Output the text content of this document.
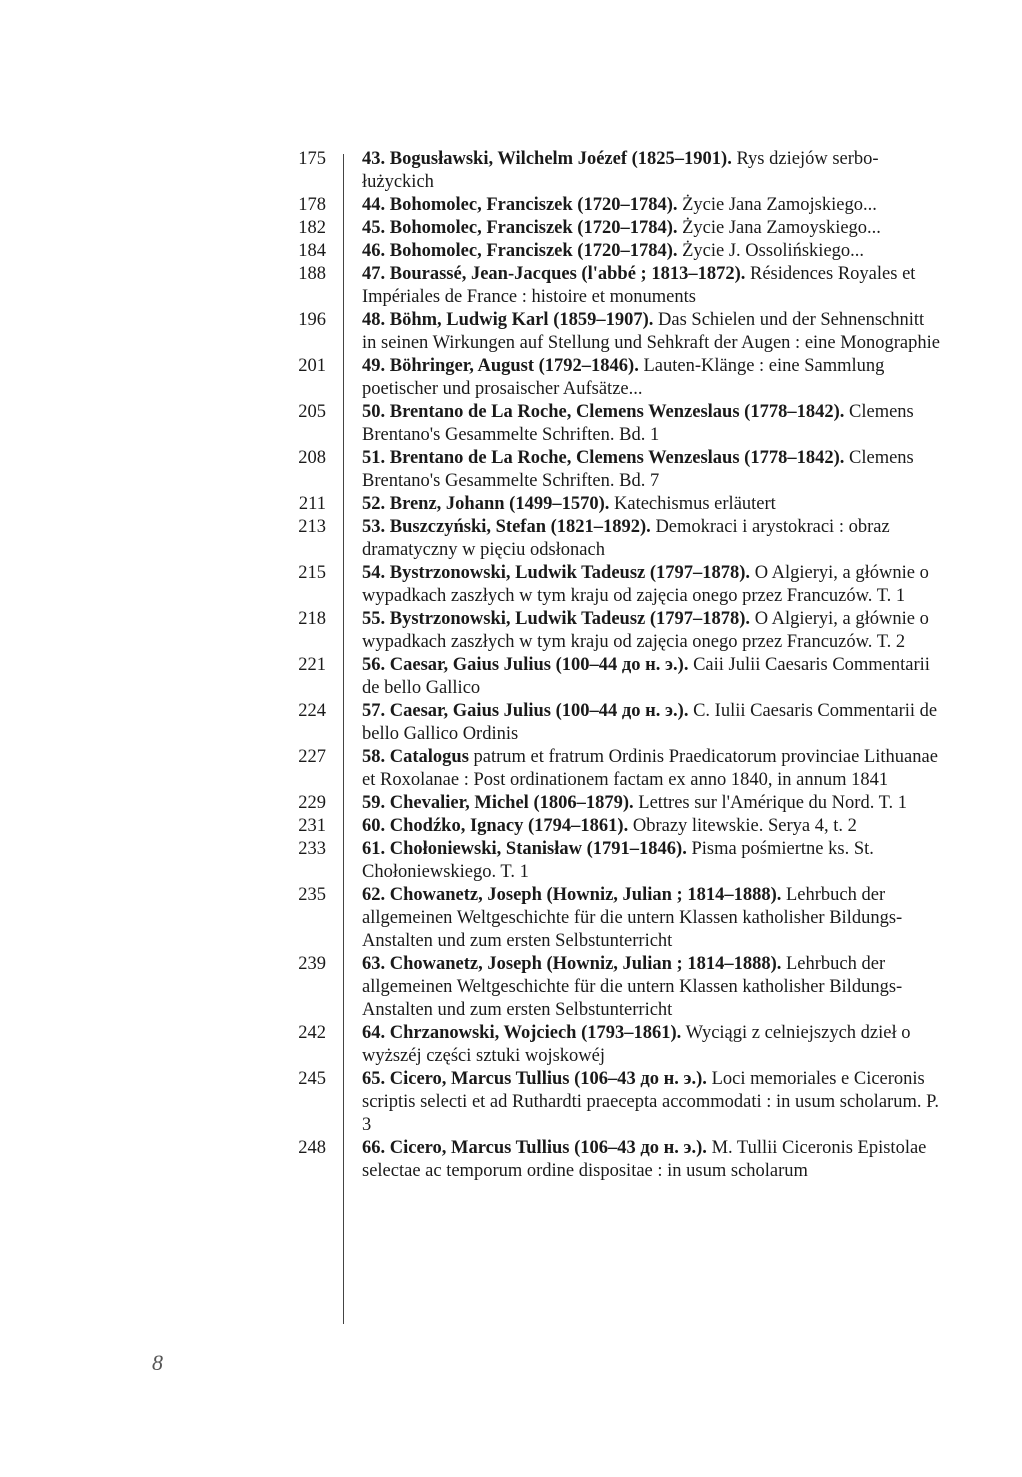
175 43. Bogusławski, Wilchelm Joézef (1825–1901). Rys dziejów serbo-łużyckich
178 44. Bohomolec, Franciszek (1720–1784). Życie Jana Zamojskiego...
182 45. Bohomolec, Franciszek (1720–1784). Życie Jana Zamoyskiego...
184 46. Bohomolec, Franciszek (1720–1784). Życie J. Ossolińskiego...
188 47. Bourassé, Jean-Jacques (l'abbé ; 1813–1872). Résidences Royales et Impériales de France : histoire et monuments
196 48. Böhm, Ludwig Karl (1859–1907). Das Schielen und der Sehnenschnitt in seinen Wirkungen auf Stellung und Sehkraft der Augen : eine Monographie
201 49. Böhringer, August (1792–1846). Lauten-Klänge : eine Sammlung poetischer und prosaischer Aufsätze...
205 50. Brentano de La Roche, Clemens Wenzeslaus (1778–1842). Clemens Brentano's Gesammelte Schriften. Bd. 1
208 51. Brentano de La Roche, Clemens Wenzeslaus (1778–1842). Clemens Brentano's Gesammelte Schriften. Bd. 7
211 52. Brenz, Johann (1499–1570). Katechismus erläutert
213 53. Buszczyński, Stefan (1821–1892). Demokraci i arystokraci : obraz dramatyczny w pięciu odsłonach
215 54. Bystrzonowski, Ludwik Tadeusz (1797–1878). O Algieryi, a głównie o wypadkach zaszłych w tym kraju od zajęcia onego przez Francuzów. T. 1
218 55. Bystrzonowski, Ludwik Tadeusz (1797–1878). O Algieryi, a głównie o wypadkach zaszłych w tym kraju od zajęcia onego przez Francuzów. T. 2
221 56. Caesar, Gaius Julius (100–44 до н. э.). Caii Julii Caesaris Commentarii de bello Gallico
224 57. Caesar, Gaius Julius (100–44 до н. э.). C. Iulii Caesaris Commentarii de bello Gallico Ordinis
227 58. Catalogus patrum et fratrum Ordinis Praedicatorum provinciae Lithuanae et Roxolanae : Post ordinationem factam ex anno 1840, in annum 1841
229 59. Chevalier, Michel (1806–1879). Lettres sur l'Amérique du Nord. T. 1
231 60. Chodźko, Ignacy (1794–1861). Obrazy litewskie. Serya 4, t. 2
233 61. Chołoniewski, Stanisław (1791–1846). Pisma pośmiertne ks. St. Chołoniewskiego. T. 1
235 62. Chowanetz, Joseph (Howniz, Julian ; 1814–1888). Lehrbuch der allgemeinen Weltgeschichte für die untern Klassen katholisher Bildungs-Anstalten und zum ersten Selbstunterricht
239 63. Chowanetz, Joseph (Howniz, Julian ; 1814–1888). Lehrbuch der allgemeinen Weltgeschichte für die untern Klassen katholisher Bildungs-Anstalten und zum ersten Selbstunterricht
242 64. Chrzanowski, Wojciech (1793–1861). Wyciągi z celniejszych dzieł o wyższéj części sztuki wojskowéj
245 65. Cicero, Marcus Tullius (106–43 до н. э.). Loci memoriales e Ciceronis scriptis selecti et ad Ruthardti praecepta accommodati : in usum scholarum. P. 3
248 66. Cicero, Marcus Tullius (106–43 до н. э.). M. Tullii Ciceronis Epistolae selectae ac temporum ordine dispositae : in usum scholarum
8
